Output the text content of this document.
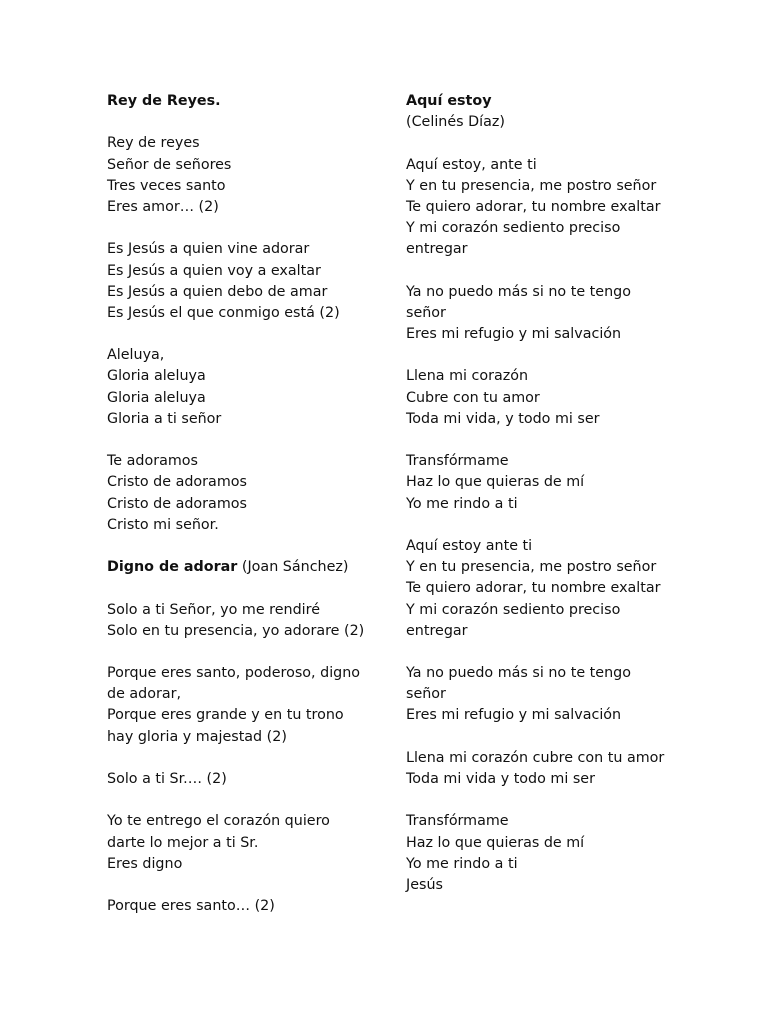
Rey de Reyes.
Rey de reyes
Señor de señores
Tres veces santo
Eres amor… (2)
Es Jesús a quien vine adorar
Es Jesús a quien voy a exaltar
Es Jesús a quien debo de amar
Es Jesús el que conmigo está (2)
Aleluya,
Gloria aleluya
Gloria aleluya
Gloria a ti señor
Te adoramos
Cristo de adoramos
Cristo de adoramos
Cristo mi señor.
Digno de adorar (Joan Sánchez)
Solo a ti Señor, yo me rendiré
Solo en tu presencia, yo adorare (2)
Porque eres santo, poderoso, digno
de adorar,
Porque eres grande y en tu trono
hay gloria y majestad (2)
Solo a ti Sr.… (2)
Yo te entrego el corazón quiero
darte lo mejor a ti Sr.
Eres digno
Porque eres santo… (2)
Aquí estoy
(Celinés Díaz)
Aquí estoy, ante ti
Y en tu presencia, me postro señor
Te quiero adorar, tu nombre exaltar
Y mi corazón sediento preciso
entregar
Ya no puedo más si no te tengo
señor
Eres mi refugio y mi salvación
Llena mi corazón
Cubre con tu amor
Toda mi vida, y todo mi ser
Transfórmame
Haz lo que quieras de mí
Yo me rindo a ti
Aquí estoy ante ti
Y en tu presencia, me postro señor
Te quiero adorar, tu nombre exaltar
Y mi corazón sediento preciso
entregar
Ya no puedo más si no te tengo
señor
Eres mi refugio y mi salvación
Llena mi corazón cubre con tu amor
Toda mi vida y todo mi ser
Transfórmame
Haz lo que quieras de mí
Yo me rindo a ti
Jesús
